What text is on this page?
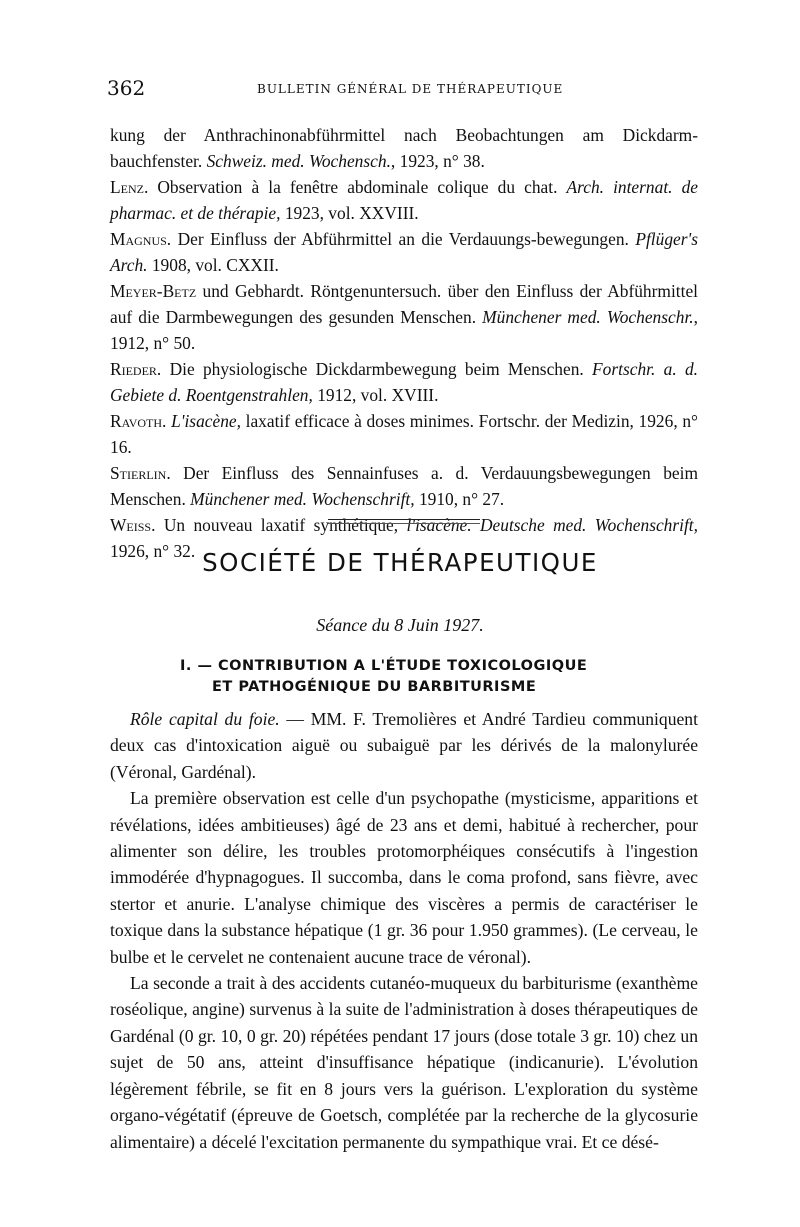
362	BULLETIN GÉNÉRAL DE THÉRAPEUTIQUE

kung der Anthrachinonabführmittel nach Beobachtungen am Dickdarm-bauchfenster. Schweiz. med. Wochensch., 1923, n° 38.

Lenz. Observation à la fenêtre abdominale colique du chat. Arch. internat. de pharmac. et de thérapie, 1923, vol. XXVIII.

Magnus. Der Einfluss der Abführmittel an die Verdauungs-bewegungen. Pflüger's Arch. 1908, vol. CXXII.

Meyer-Betz und Gebhardt. Röntgenuntersuch. über den Einfluss der Abführmittel auf die Darmbewegungen des gesunden Menschen. Münchener med. Wochenschr., 1912, n° 50.

Rieder. Die physiologische Dickdarmbewegung beim Menschen. Fortschr. a. d. Gebiete d. Roentgenstrahlen, 1912, vol. XVIII.

Ravoth. L'isacène, laxatif efficace à doses minimes. Fortschr. der Medizin, 1926, n° 16.

Stierlin. Der Einfluss des Sennainfuses a. d. Verdauungsbewegungen beim Menschen. Münchener med. Wochenschrift, 1910, n° 27.

Weiss. Un nouveau laxatif synthétique, l'isacène. Deutsche med. Wochenschrift, 1926, n° 32. SOCIÉTÉ DE THÉRAPEUTIQUE
Séance du 8 Juin 1927.
I. — CONTRIBUTION A L'ÉTUDE TOXICOLOGIQUE
ET PATHOGÉNIQUE DU BARBITURISME

Rôle capital du foie. — MM. F. Tremolières et André Tardieu communiquent deux cas d'intoxication aiguë ou subaiguë par les dérivés de la malonylurée (Véronal, Gardénal).

La première observation est celle d'un psychopathe (mysticisme, apparitions et révélations, idées ambitieuses) âgé de 23 ans et demi, habitué à rechercher, pour alimenter son délire, les troubles protomorphéiques consécutifs à l'ingestion immodérée d'hypnagogues. Il succomba, dans le coma profond, sans fièvre, avec stertor et anurie. L'analyse chimique des viscères a permis de caractériser le toxique dans la substance hépatique (1 gr. 36 pour 1.950 grammes). (Le cerveau, le bulbe et le cervelet ne contenaient aucune trace de véronal).

La seconde a trait à des accidents cutanéo-muqueux du barbiturisme (exanthème roséolique, angine) survenus à la suite de l'administration à doses thérapeutiques de Gardénal (0 gr. 10, 0 gr. 20) répétées pendant 17 jours (dose totale 3 gr. 10) chez un sujet de 50 ans, atteint d'insuffisance hépatique (indicanurie). L'évolution légèrement fébrile, se fit en 8 jours vers la guérison. L'exploration du système organo-végétatif (épreuve de Goetsch, complétée par la recherche de la glycosurie alimentaire) a décelé l'excitation permanente du sympathique vrai. Et ce désé-
